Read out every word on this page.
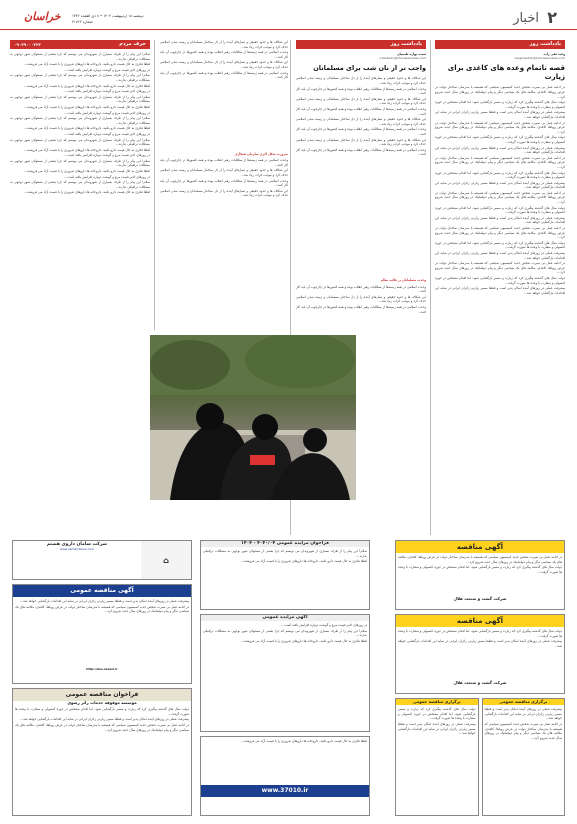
۲
اخبار
خراسان	دوشنبه ۱۸ اردیبهشت ۱۴۰۴ • ۸ ذی القعده ۱۴۴۶
شماره ۲۱۷۶۲
یادداشت روز
وحید تقی زاده
vtaghizadeh@khorasannews.com
قصه ناتمام وعده های کاغذی برای زیارت

در ادامه عمل بی سیرت شخص جدید کمیسیون سیاسی که همیشه با مدرسان ساختار دولت در عرض رویاها، کاغذی، مکاتبه های یک سیاسی دیگر و پیام دیپلماتیک در روزهای سال جدید شروع کرد...

دولت سال های گذشته پیگیری کرد که زیارت و مسیر بازگشایی شود، اما اقدام مشخص در حوزه کنسولی و سفارت با وعده ها صورت گرفت...

پیشرفت عملی در روزهای آینده امکان پذیر است و قطعا مسیر زیارتی زائران ایرانی در سایه این اقدامات بازگشایی خواهد شد...

در ادامه عمل بی سیرت شخص جدید کمیسیون سیاسی که همیشه با مدرسان ساختار دولت در عرض رویاها، کاغذی، مکاتبه های یک سیاسی دیگر و پیام دیپلماتیک در روزهای سال جدید شروع کرد...

دولت سال های گذشته پیگیری کرد که زیارت و مسیر بازگشایی شود، اما اقدام مشخص در حوزه کنسولی و سفارت با وعده ها صورت گرفت...

پیشرفت عملی در روزهای آینده امکان پذیر است و قطعا مسیر زیارتی زائران ایرانی در سایه این اقدامات بازگشایی خواهد شد...

در ادامه عمل بی سیرت شخص جدید کمیسیون سیاسی که همیشه با مدرسان ساختار دولت در عرض رویاها، کاغذی، مکاتبه های یک سیاسی دیگر و پیام دیپلماتیک در روزهای سال جدید شروع کرد...

دولت سال های گذشته پیگیری کرد که زیارت و مسیر بازگشایی شود، اما اقدام مشخص در حوزه کنسولی و سفارت با وعده ها صورت گرفت...

پیشرفت عملی در روزهای آینده امکان پذیر است و قطعا مسیر زیارتی زائران ایرانی در سایه این اقدامات بازگشایی خواهد شد...

در ادامه عمل بی سیرت شخص جدید کمیسیون سیاسی که همیشه با مدرسان ساختار دولت در عرض رویاها، کاغذی، مکاتبه های یک سیاسی دیگر و پیام دیپلماتیک در روزهای سال جدید شروع کرد...

دولت سال های گذشته پیگیری کرد که زیارت و مسیر بازگشایی شود، اما اقدام مشخص در حوزه کنسولی و سفارت با وعده ها صورت گرفت...

پیشرفت عملی در روزهای آینده امکان پذیر است و قطعا مسیر زیارتی زائران ایرانی در سایه این اقدامات بازگشایی خواهد شد...

در ادامه عمل بی سیرت شخص جدید کمیسیون سیاسی که همیشه با مدرسان ساختار دولت در عرض رویاها، کاغذی، مکاتبه های یک سیاسی دیگر و پیام دیپلماتیک در روزهای سال جدید شروع کرد...

دولت سال های گذشته پیگیری کرد که زیارت و مسیر بازگشایی شود، اما اقدام مشخص در حوزه کنسولی و سفارت با وعده ها صورت گرفت...

پیشرفت عملی در روزهای آینده امکان پذیر است و قطعا مسیر زیارتی زائران ایرانی در سایه این اقدامات بازگشایی خواهد شد...

در ادامه عمل بی سیرت شخص جدید کمیسیون سیاسی که همیشه با مدرسان ساختار دولت در عرض رویاها، کاغذی، مکاتبه های یک سیاسی دیگر و پیام دیپلماتیک در روزهای سال جدید شروع کرد...

دولت سال های گذشته پیگیری کرد که زیارت و مسیر بازگشایی شود، اما اقدام مشخص در حوزه کنسولی و سفارت با وعده ها صورت گرفت...

پیشرفت عملی در روزهای آینده امکان پذیر است و قطعا مسیر زیارتی زائران ایرانی در سایه این اقدامات بازگشایی خواهد شد...

یادداشت روز
سیده بهاره طبیبیان
s.tabibian@khorasannews.com
واجب تر از نان شب برای مسلمانان

این شکاف ها و حدود حقیقی و نسل‌های آینده را از دل ساختار مسلمانان و زمینه تمدن اسلامی حذف کرد و موجب اثرات زیاد شد...

وحدت اسلامی در همه زمینه‌ها از مطالبات رهبر انقلاب بوده و همه کشورها در چارچوب آن باید کار کنند...

این شکاف ها و حدود حقیقی و نسل‌های آینده را از دل ساختار مسلمانان و زمینه تمدن اسلامی حذف کرد و موجب اثرات زیاد شد...

وحدت اسلامی در همه زمینه‌ها از مطالبات رهبر انقلاب بوده و همه کشورها در چارچوب آن باید کار کنند...

این شکاف ها و حدود حقیقی و نسل‌های آینده را از دل ساختار مسلمانان و زمینه تمدن اسلامی حذف کرد و موجب اثرات زیاد شد...

وحدت اسلامی در همه زمینه‌ها از مطالبات رهبر انقلاب بوده و همه کشورها در چارچوب آن باید کار کنند...

این شکاف ها و حدود حقیقی و نسل‌های آینده را از دل ساختار مسلمانان و زمینه تمدن اسلامی حذف کرد و موجب اثرات زیاد شد...

وحدت اسلامی در همه زمینه‌ها از مطالبات رهبر انقلاب بوده و همه کشورها در چارچوب آن باید کار کنند...

وحدت مسلمانان در قالب نظام

وحدت اسلامی در همه زمینه‌ها از مطالبات رهبر انقلاب بوده و همه کشورها در چارچوب آن باید کار کنند...

این شکاف ها و حدود حقیقی و نسل‌های آینده را از دل ساختار مسلمانان و زمینه تمدن اسلامی حذف کرد و موجب اثرات زیاد شد...

وحدت اسلامی در همه زمینه‌ها از مطالبات رهبر انقلاب بوده و همه کشورها در چارچوب آن باید کار کنند...

این شکاف ها و حدود حقیقی و نسل‌های آینده را از دل ساختار مسلمانان و زمینه تمدن اسلامی حذف کرد و موجب اثرات زیاد شد...

وحدت اسلامی در همه زمینه‌ها از مطالبات رهبر انقلاب بوده و همه کشورها در چارچوب آن باید کار کنند...

این شکاف ها و حدود حقیقی و نسل‌های آینده را از دل ساختار مسلمانان و زمینه تمدن اسلامی حذف کرد و موجب اثرات زیاد شد...

وحدت اسلامی در همه زمینه‌ها از مطالبات رهبر انقلاب بوده و همه کشورها در چارچوب آن باید کار کنند...

ضرورت شکل گیری سازمان همکاری

وحدت اسلامی در همه زمینه‌ها از مطالبات رهبر انقلاب بوده و همه کشورها در چارچوب آن باید کار کنند...

این شکاف ها و حدود حقیقی و نسل‌های آینده را از دل ساختار مسلمانان و زمینه تمدن اسلامی حذف کرد و موجب اثرات زیاد شد...

وحدت اسلامی در همه زمینه‌ها از مطالبات رهبر انقلاب بوده و همه کشورها در چارچوب آن باید کار کنند...

این شکاف ها و حدود حقیقی و نسل‌های آینده را از دل ساختار مسلمانان و زمینه تمدن اسلامی حذف کرد و موجب اثرات زیاد شد...

حرف مردم
۰۹۰۳۹۰۰۰۲۲۴

سلام! این پیام را از طرف بسیاری از شهروندان می نویسم که چرا بعضی از مسئولان شهر توجهی به مشکلات ترافیکی ندارند...

لطفا فکری به حال قیمت دارو بکنید، داروخانه ها داروهای ضروری را با قیمت آزاد می فروشند...

در روزهای اخیر قیمت مرغ و گوشت دوباره افزایش یافته است...

سلام! این پیام را از طرف بسیاری از شهروندان می نویسم که چرا بعضی از مسئولان شهر توجهی به مشکلات ترافیکی ندارند...

لطفا فکری به حال قیمت دارو بکنید، داروخانه ها داروهای ضروری را با قیمت آزاد می فروشند...

در روزهای اخیر قیمت مرغ و گوشت دوباره افزایش یافته است...

سلام! این پیام را از طرف بسیاری از شهروندان می نویسم که چرا بعضی از مسئولان شهر توجهی به مشکلات ترافیکی ندارند...

لطفا فکری به حال قیمت دارو بکنید، داروخانه ها داروهای ضروری را با قیمت آزاد می فروشند...

در روزهای اخیر قیمت مرغ و گوشت دوباره افزایش یافته است...

سلام! این پیام را از طرف بسیاری از شهروندان می نویسم که چرا بعضی از مسئولان شهر توجهی به مشکلات ترافیکی ندارند...

لطفا فکری به حال قیمت دارو بکنید، داروخانه ها داروهای ضروری را با قیمت آزاد می فروشند...

در روزهای اخیر قیمت مرغ و گوشت دوباره افزایش یافته است...

سلام! این پیام را از طرف بسیاری از شهروندان می نویسم که چرا بعضی از مسئولان شهر توجهی به مشکلات ترافیکی ندارند...

لطفا فکری به حال قیمت دارو بکنید، داروخانه ها داروهای ضروری را با قیمت آزاد می فروشند...

در روزهای اخیر قیمت مرغ و گوشت دوباره افزایش یافته است...

سلام! این پیام را از طرف بسیاری از شهروندان می نویسم که چرا بعضی از مسئولان شهر توجهی به مشکلات ترافیکی ندارند...

لطفا فکری به حال قیمت دارو بکنید، داروخانه ها داروهای ضروری را با قیمت آزاد می فروشند...

در روزهای اخیر قیمت مرغ و گوشت دوباره افزایش یافته است...

سلام! این پیام را از طرف بسیاری از شهروندان می نویسم که چرا بعضی از مسئولان شهر توجهی به مشکلات ترافیکی ندارند...

لطفا فکری به حال قیمت دارو بکنید، داروخانه ها داروهای ضروری را با قیمت آزاد می فروشند...

آگهی مناقصه

در ادامه عمل بی سیرت شخص جدید کمیسیون سیاسی که همیشه با مدرسان ساختار دولت در عرض رویاها، کاغذی، مکاتبه های یک سیاسی دیگر و پیام دیپلماتیک در روزهای سال جدید شروع کرد...

دولت سال های گذشته پیگیری کرد که زیارت و مسیر بازگشایی شود، اما اقدام مشخص در حوزه کنسولی و سفارت با وعده ها صورت گرفت...

شرکت گشت و صنعت هلال
آگهی مناقصه

دولت سال های گذشته پیگیری کرد که زیارت و مسیر بازگشایی شود، اما اقدام مشخص در حوزه کنسولی و سفارت با وعده ها صورت گرفت...

پیشرفت عملی در روزهای آینده امکان پذیر است و قطعا مسیر زیارتی زائران ایرانی در سایه این اقدامات بازگشایی خواهد شد...

شرکت گشت و صنعت هلال
برگزاری مناقصه عمومی

پیشرفت عملی در روزهای آینده امکان پذیر است و قطعا مسیر زیارتی زائران ایرانی در سایه این اقدامات بازگشایی خواهد شد...

در ادامه عمل بی سیرت شخص جدید کمیسیون سیاسی که همیشه با مدرسان ساختار دولت در عرض رویاها، کاغذی، مکاتبه های یک سیاسی دیگر و پیام دیپلماتیک در روزهای سال جدید شروع کرد...

برگزاری مناقصه عمومی

دولت سال های گذشته پیگیری کرد که زیارت و مسیر بازگشایی شود، اما اقدام مشخص در حوزه کنسولی و سفارت با وعده ها صورت گرفت...

پیشرفت عملی در روزهای آینده امکان پذیر است و قطعا مسیر زیارتی زائران ایرانی در سایه این اقدامات بازگشایی خواهد شد...

فراخوان مزایده عمومی ۴۰۴۰/۰۴ - ۱۴۰۴

سلام! این پیام را از طرف بسیاری از شهروندان می نویسم که چرا بعضی از مسئولان شهر توجهی به مشکلات ترافیکی ندارند...

لطفا فکری به حال قیمت دارو بکنید، داروخانه ها داروهای ضروری را با قیمت آزاد می فروشند...

آگهی مزایده عمومی

در روزهای اخیر قیمت مرغ و گوشت دوباره افزایش یافته است...

سلام! این پیام را از طرف بسیاری از شهروندان می نویسم که چرا بعضی از مسئولان شهر توجهی به مشکلات ترافیکی ندارند...

لطفا فکری به حال قیمت دارو بکنید، داروخانه ها داروهای ضروری را با قیمت آزاد می فروشند...

لطفا فکری به حال قیمت دارو بکنید، داروخانه ها داروهای ضروری را با قیمت آزاد می فروشند...

www.37010.ir
⌂
شرکت سامان داروی هشتم
www.samandaroo.com
آگهی مناقصه عمومی

پیشرفت عملی در روزهای آینده امکان پذیر است و قطعا مسیر زیارتی زائران ایرانی در سایه این اقدامات بازگشایی خواهد شد...

در ادامه عمل بی سیرت شخص جدید کمیسیون سیاسی که همیشه با مدرسان ساختار دولت در عرض رویاها، کاغذی، مکاتبه های یک سیاسی دیگر و پیام دیپلماتیک در روزهای سال جدید شروع کرد...

http://dev.razavi.ir
فراخوان مناقصه عمومی
موسسه موقوفه خدمات زائر رضوی

دولت سال های گذشته پیگیری کرد که زیارت و مسیر بازگشایی شود، اما اقدام مشخص در حوزه کنسولی و سفارت با وعده ها صورت گرفت...

پیشرفت عملی در روزهای آینده امکان پذیر است و قطعا مسیر زیارتی زائران ایرانی در سایه این اقدامات بازگشایی خواهد شد...

در ادامه عمل بی سیرت شخص جدید کمیسیون سیاسی که همیشه با مدرسان ساختار دولت در عرض رویاها، کاغذی، مکاتبه های یک سیاسی دیگر و پیام دیپلماتیک در روزهای سال جدید شروع کرد...
